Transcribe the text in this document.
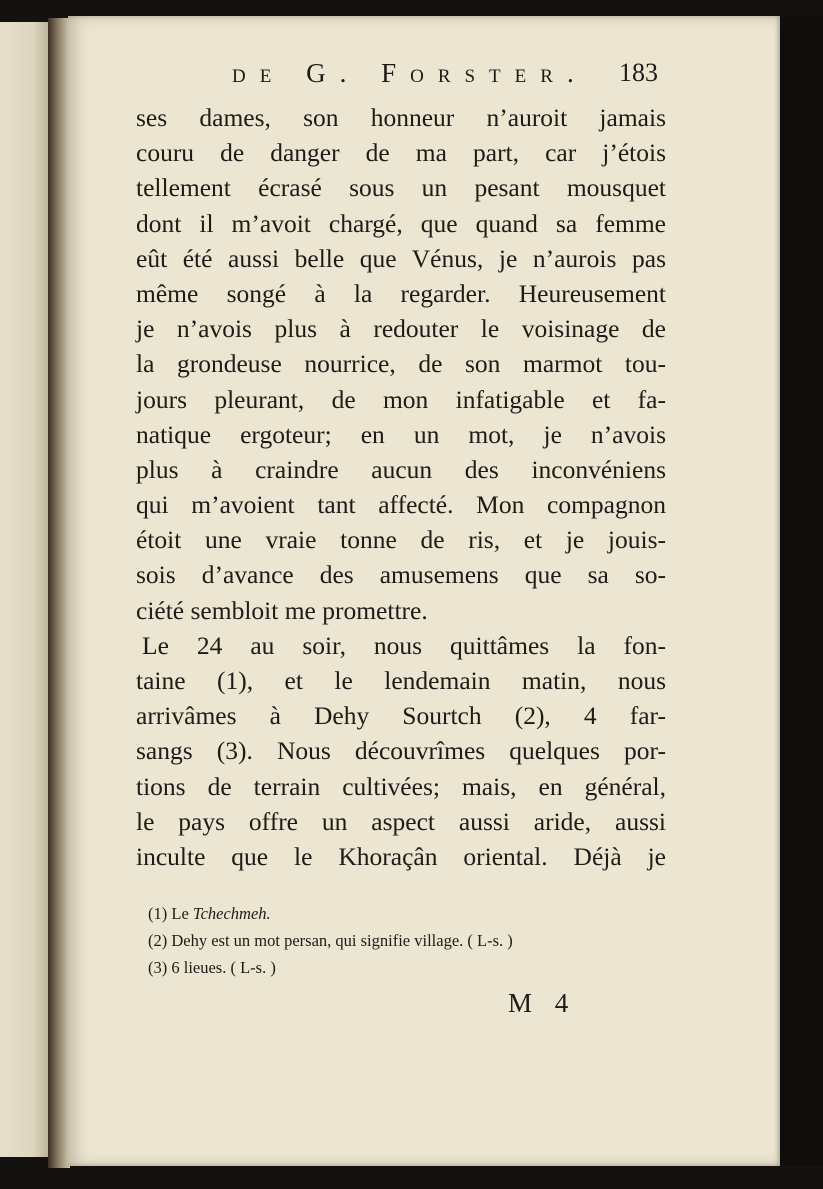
de G. Forster. 183
ses dames, son honneur n’auroit jamais
couru de danger de ma part, car j’étois
tellement écrasé sous un pesant mousquet
dont il m’avoit chargé, que quand sa femme
eût été aussi belle que Vénus, je n’aurois pas
même songé à la regarder. Heureusement
je n’avois plus à redouter le voisinage de
la grondeuse nourrice, de son marmot tou-
jours pleurant, de mon infatigable et fa-
natique ergoteur; en un mot, je n’avois
plus à craindre aucun des inconvéniens
qui m’avoient tant affecté. Mon compagnon
étoit une vraie tonne de ris, et je jouis-
sois d’avance des amusemens que sa so-
ciété sembloit me promettre.
Le 24 au soir, nous quittâmes la fon-
taine (1), et le lendemain matin, nous
arrivâmes à Dehy Sourtch (2), 4 far-
sangs (3). Nous découvrîmes quelques por-
tions de terrain cultivées; mais, en général,
le pays offre un aspect aussi aride, aussi
inculte que le Khoraçân oriental. Déjà je
(1) Le Tchechmeh.
(2) Dehy est un mot persan, qui signifie village. ( L-s. )
(3) 6 lieues. ( L-s. )
M 4
